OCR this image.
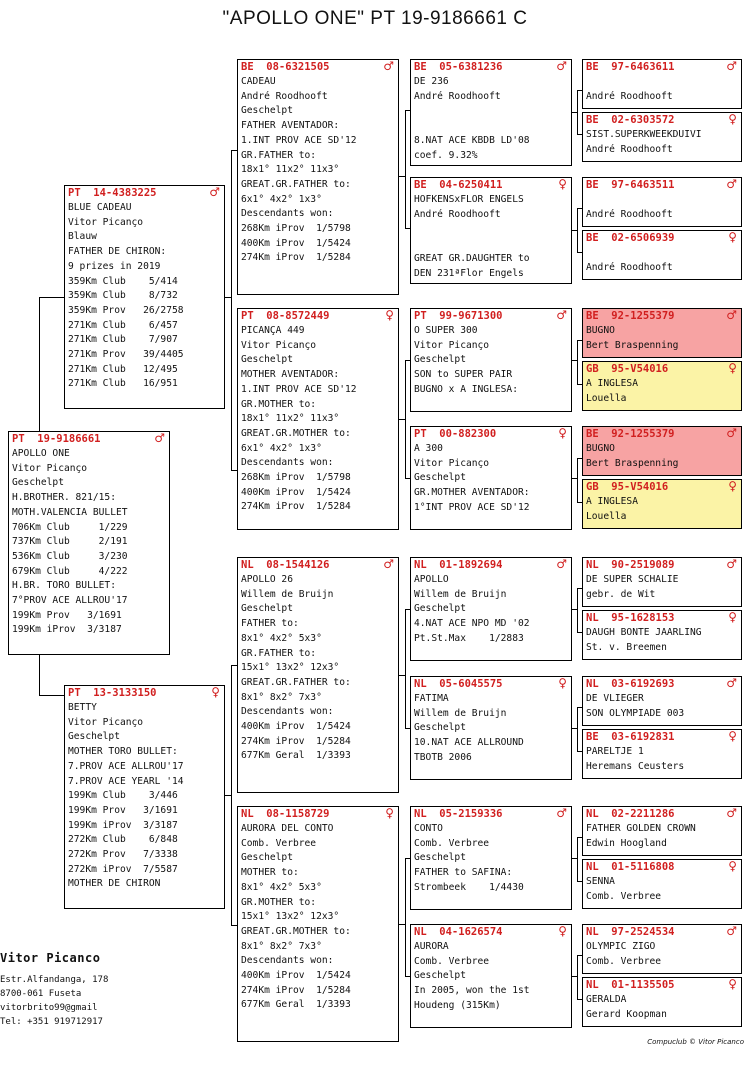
"APOLLO ONE" PT 19-9186661 C
PT  19-9186661	♂
APOLLO ONE
Vitor Picanço
Geschelpt
H.BROTHER. 821/15:
MOTH.VALENCIA BULLET
706Km Club     1/229
737Km Club     2/191
536Km Club     3/230
679Km Club     4/222
H.BR. TORO BULLET:
7°PROV ACE ALLROU'17
199Km Prov   3/1691
199Km iProv  3/3187
PT  14-4383225	♂
BLUE CADEAU
Vitor Picanço
Blauw
FATHER DE CHIRON:
9 prizes in 2019
359Km Club    5/414
359Km Club    8/732
359Km Prov   26/2758
271Km Club    6/457
271Km Club    7/907
271Km Prov   39/4405
271Km Club   12/495
271Km Club   16/951
PT  13-3133150	♀
BETTY
Vitor Picanço
Geschelpt
MOTHER TORO BULLET:
7.PROV ACE ALLROU'17
7.PROV ACE YEARL '14
199Km Club    3/446
199Km Prov   3/1691
199Km iProv  3/3187
272Km Club    6/848
272Km Prov   7/3338
272Km iProv  7/5587
MOTHER DE CHIRON
BE  08-6321505	♂
CADEAU
André Roodhooft
Geschelpt
FATHER AVENTADOR:
1.INT PROV ACE SD'12
GR.FATHER to:
18x1° 11x2° 11x3°
GREAT.GR.FATHER to:
6x1° 4x2° 1x3°
Descendants won:
268Km iProv  1/5798
400Km iProv  1/5424
274Km iProv  1/5284
PT  08-8572449	♀
PICANÇA 449
Vitor Picanço
Geschelpt
MOTHER AVENTADOR:
1.INT PROV ACE SD'12
GR.MOTHER to:
18x1° 11x2° 11x3°
GREAT.GR.MOTHER to:
6x1° 4x2° 1x3°
Descendants won:
268Km iProv  1/5798
400Km iProv  1/5424
274Km iProv  1/5284
NL  08-1544126	♂
APOLLO 26
Willem de Bruijn
Geschelpt
FATHER to:
8x1° 4x2° 5x3°
GR.FATHER to:
15x1° 13x2° 12x3°
GREAT.GR.FATHER to:
8x1° 8x2° 7x3°
Descendants won:
400Km iProv  1/5424
274Km iProv  1/5284
677Km Geral  1/3393
NL  08-1158729	♀
AURORA DEL CONTO
Comb. Verbree
Geschelpt
MOTHER to:
8x1° 4x2° 5x3°
GR.MOTHER to:
15x1° 13x2° 12x3°
GREAT.GR.MOTHER to:
8x1° 8x2° 7x3°
Descendants won:
400Km iProv  1/5424
274Km iProv  1/5284
677Km Geral  1/3393
BE  05-6381236	♂
DE 236
André Roodhooft

8.NAT ACE KBDB LD'08
coef. 9.32%
BE  04-6250411	♀
HOFKENSxFLOR ENGELS
André Roodhooft

GREAT GR.DAUGHTER to
DEN 231ªFlor Engels
PT  99-9671300	♂
O SUPER 300
Vitor Picanço
Geschelpt
SON to SUPER PAIR
BUGNO x A INGLESA:
PT  00-882300	♀
A 300
Vitor Picanço
Geschelpt
GR.MOTHER AVENTADOR:
1°INT PROV ACE SD'12
NL  01-1892694	♂
APOLLO
Willem de Bruijn
Geschelpt
4.NAT ACE NPO MD '02
Pt.St.Max    1/2883
NL  05-6045575	♀
FATIMA
Willem de Bruijn
Geschelpt
10.NAT ACE ALLROUND
TBOTB 2006
NL  05-2159336	♂
CONTO
Comb. Verbree
Geschelpt
FATHER to SAFINA:
Strombeek    1/4430
NL  04-1626574	♀
AURORA
Comb. Verbree
Geschelpt
In 2005, won the 1st
Houdeng (315Km)
BE  97-6463611	♂

André Roodhooft
BE  02-6303572	♀
SIST.SUPERKWEEKDUIVI
André Roodhooft
BE  97-6463511	♂

André Roodhooft
BE  02-6506939	♀

André Roodhooft
BE  92-1255379	♂
BUGNO
Bert Braspenning
GB  95-V54016	♀
A INGLESA
Louella
BE  92-1255379	♂
BUGNO
Bert Braspenning
GB  95-V54016	♀
A INGLESA
Louella
NL  90-2519089	♂
DE SUPER SCHALIE
gebr. de Wit
NL  95-1628153	♀
DAUGH BONTE JAARLING
St. v. Breemen
NL  03-6192693	♂
DE VLIEGER
SON OLYMPIADE 003
BE  03-6192831	♀
PARELTJE 1
Heremans Ceusters
NL  02-2211286	♂
FATHER GOLDEN CROWN
Edwin Hoogland
NL  01-5116808	♀
SENNA
Comb. Verbree
NL  97-2524534	♂
OLYMPIC ZIGO
Comb. Verbree
NL  01-1135505	♀
GERALDA
Gerard Koopman
Vitor Picanco
Estr.Alfandanga, 178
8700-061 Fuseta
vitorbrito99@gmail
Tel: +351 919712917
Compuclub © Vitor Picanco
